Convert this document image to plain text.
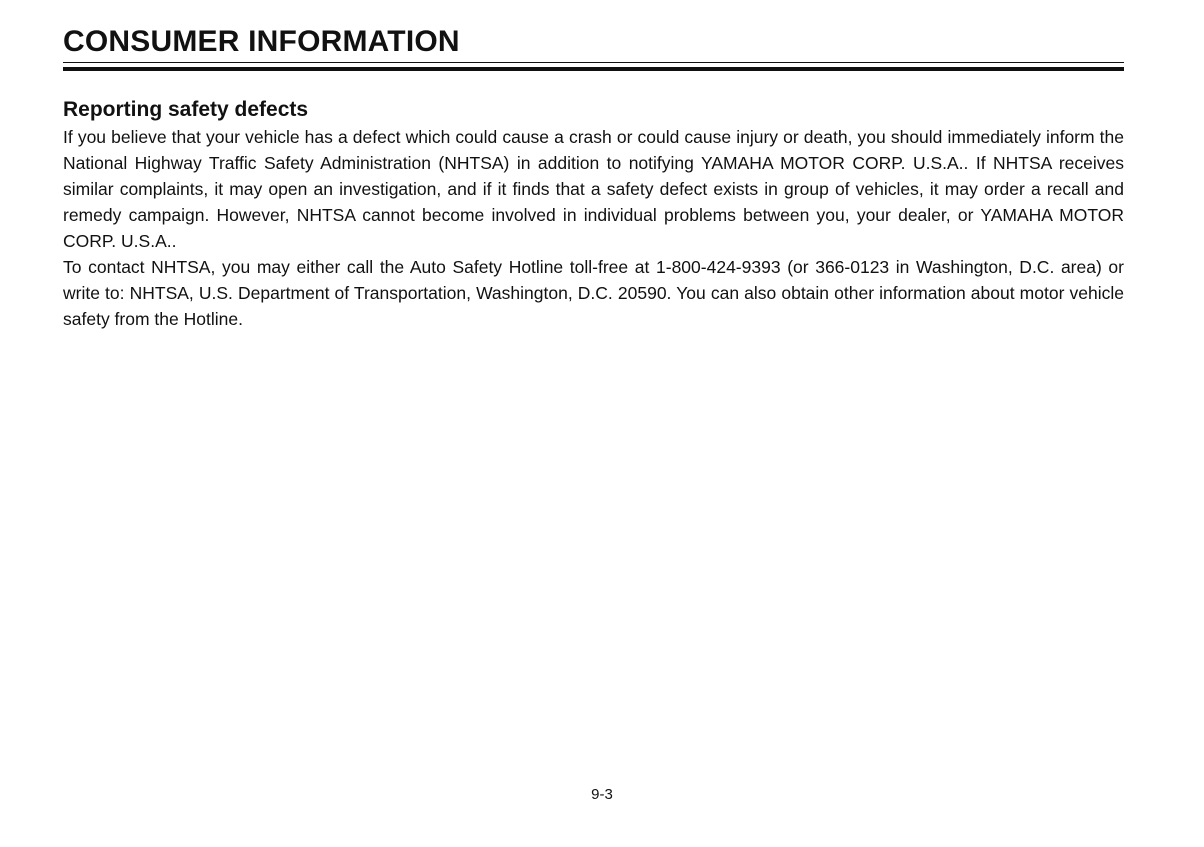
CONSUMER INFORMATION
Reporting safety defects

If you believe that your vehicle has a defect which could cause a crash or could cause injury or death, you should immediately inform the National Highway Traffic Safety Administration (NHTSA) in addition to notifying YAMAHA MOTOR CORP. U.S.A.. If NHTSA receives similar complaints, it may open an investigation, and if it finds that a safety defect exists in group of vehicles, it may order a recall and remedy campaign. However, NHTSA cannot become involved in individual problems between you, your dealer, or YAMAHA MOTOR CORP. U.S.A..

To contact NHTSA, you may either call the Auto Safety Hotline toll-free at 1-800-424-9393 (or 366-0123 in Washington, D.C. area) or write to: NHTSA, U.S. Department of Transportation, Washington, D.C. 20590. You can also obtain other information about motor vehicle safety from the Hotline.

9-3
